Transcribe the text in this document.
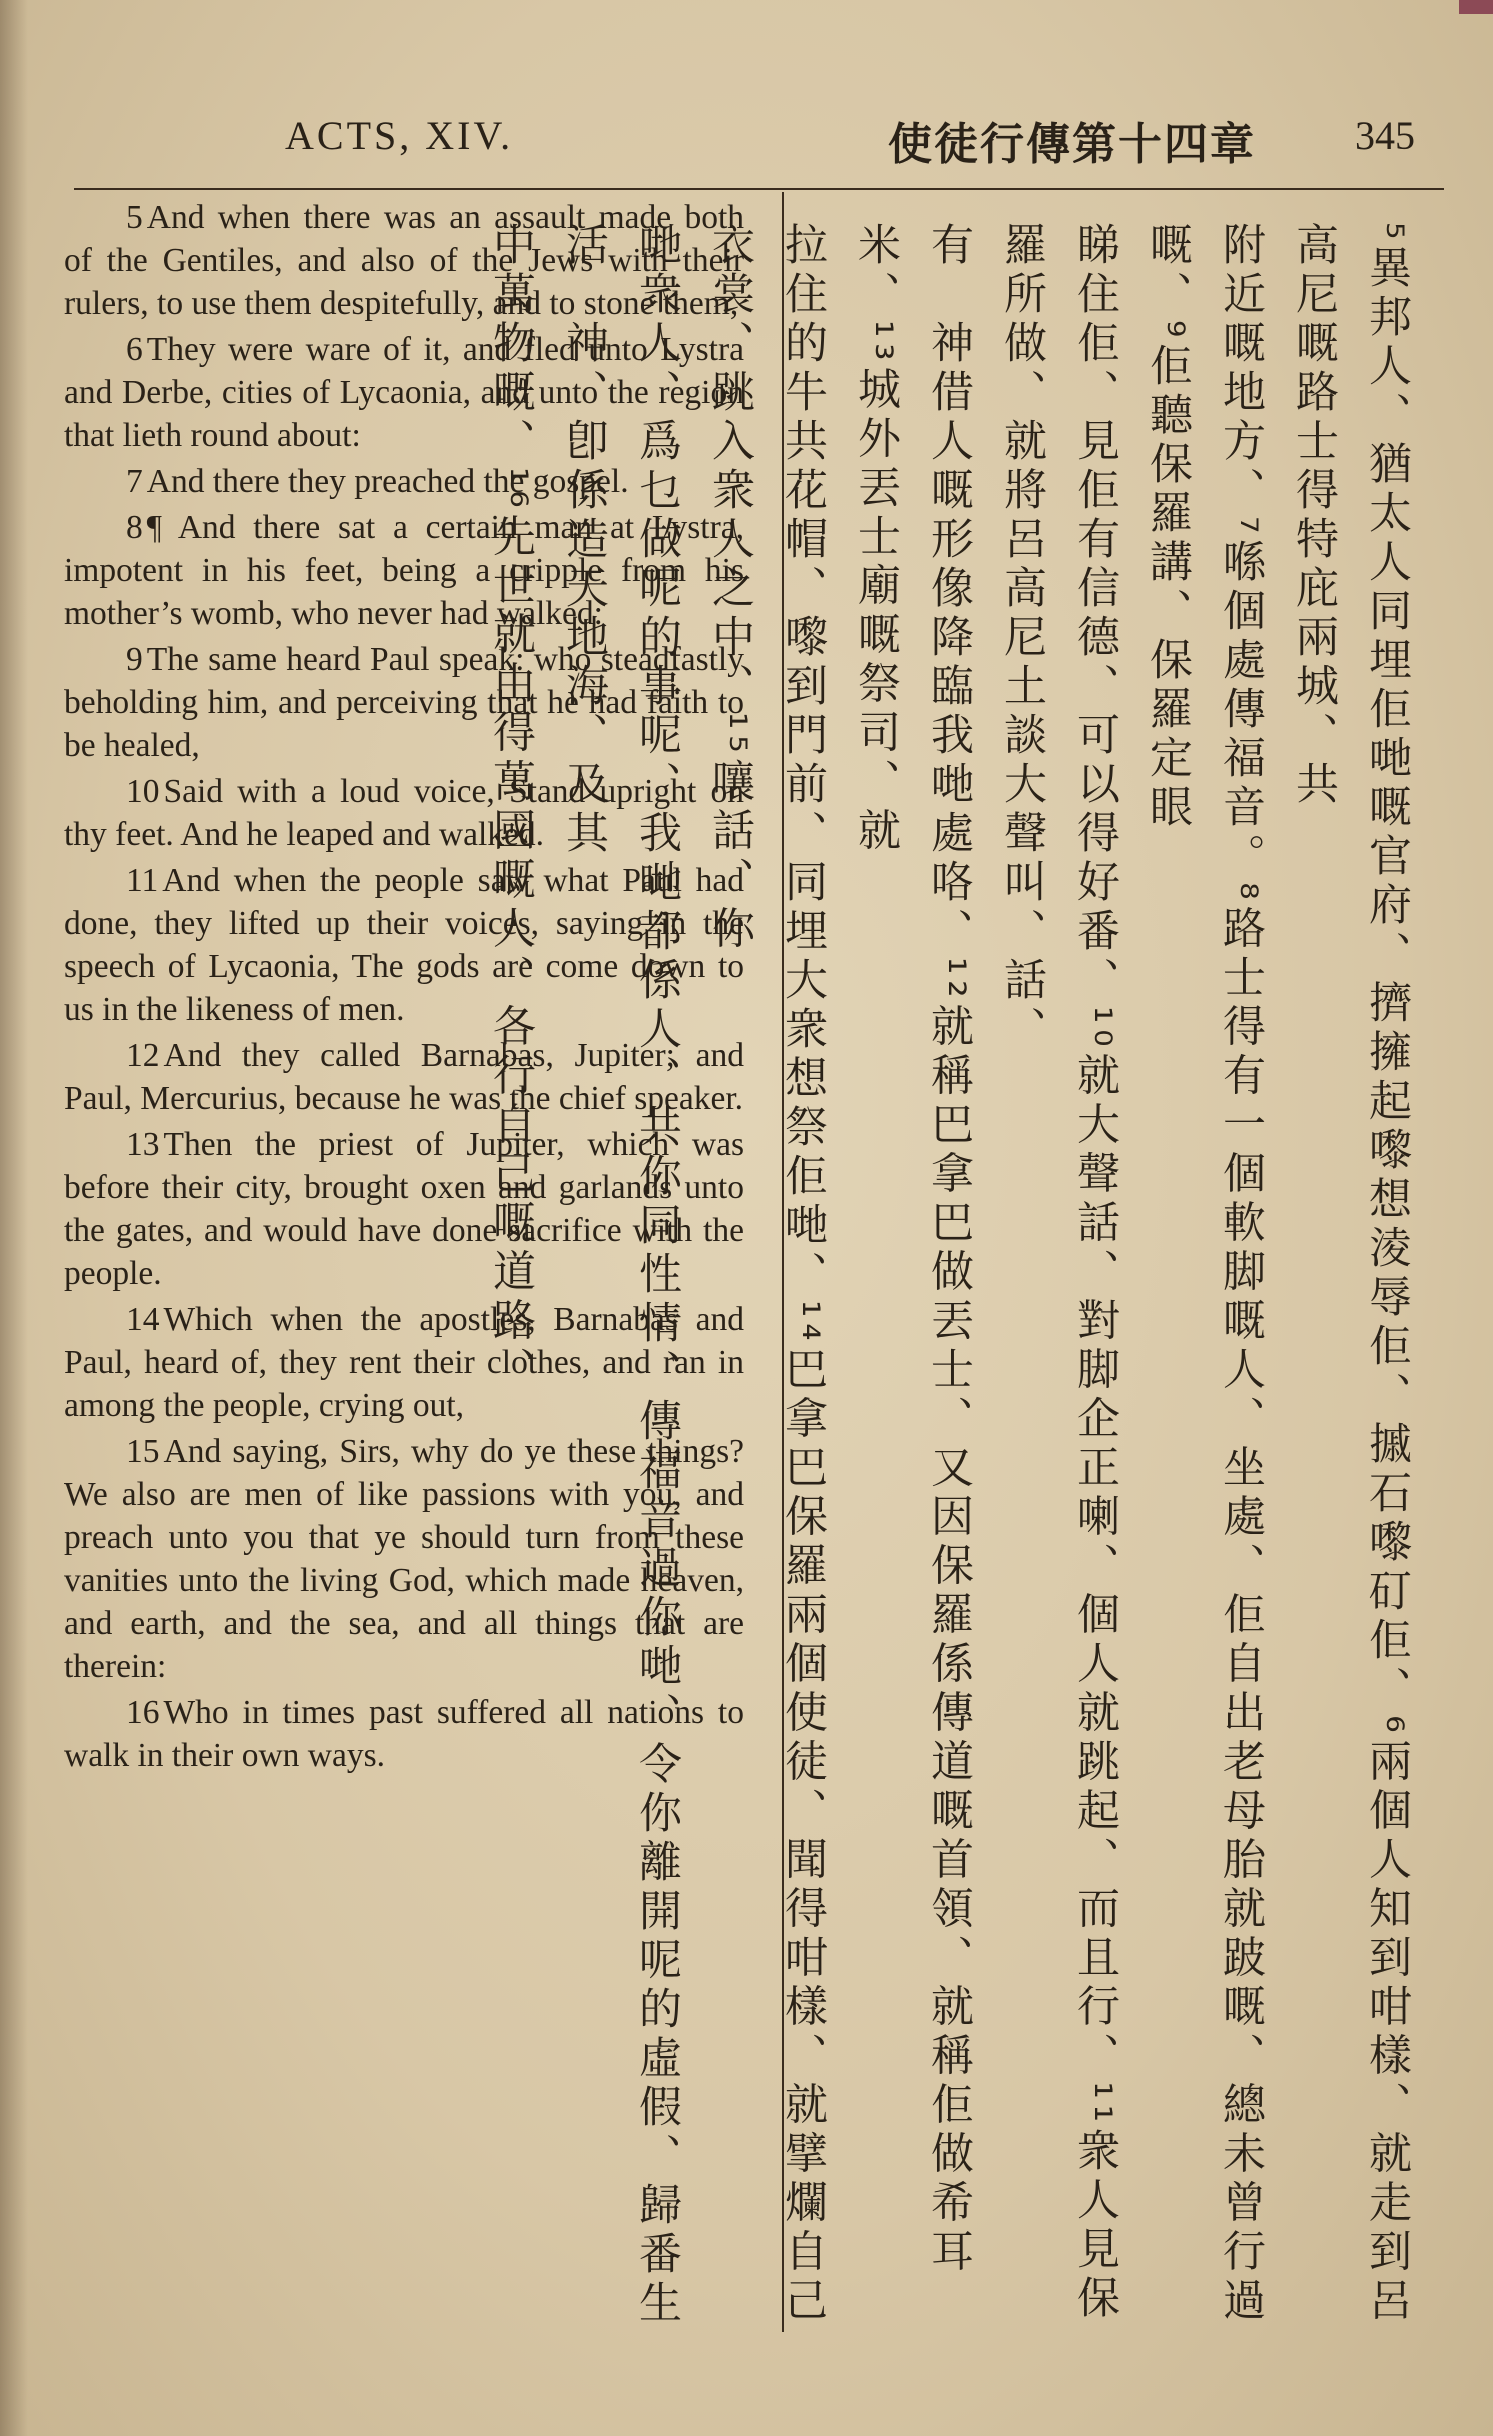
ACTS, XIV.	使徒行傳第十四章 345

5 And when there was an assault made both of the Gentiles, and also of the Jews with their rulers, to use them despitefully, and to stone them,

6 They were ware of it, and fled unto Lystra and Derbe, cities of Lycaonia, and unto the region that lieth round about:

7 And there they preached the gospel.

8 ¶ And there sat a certain man at Lystra, impotent in his feet, being a cripple from his mother’s womb, who never had walked:

9 The same heard Paul speak: who steadfastly beholding him, and perceiving that he had faith to be healed,

10 Said with a loud voice, Stand upright on thy feet. And he leaped and walked.

11 And when the people saw what Paul had done, they lifted up their voices, saying in the speech of Lycaonia, The gods are come down to us in the likeness of men.

12 And they called Barnabas, Jupiter; and Paul, Mercurius, because he was the chief speaker.

13 Then the priest of Jupiter, which was before their city, brought oxen and garlands unto the gates, and would have done sacrifice with the people.

14 Which when the apostles, Barnabas and Paul, heard of, they rent their clothes, and ran in among the people, crying out,

15 And saying, Sirs, why do ye these things? We also are men of like passions with you, and preach unto you that ye should turn from these vanities unto the living God, which made heaven, and earth, and the sea, and all things that are therein:

16 Who in times past suffered all nations to walk in their own ways.	⁵異邦人、猶太人同埋佢哋嘅官府、擠擁起嚟想淩辱佢、摵石嚟矴佢、⁶兩個人知到咁樣、就走到呂高尼嘅路士得特庇兩城、共
附近嘅地方、⁷喺個處傳福音。⁸路士得有一個軟脚嘅人、坐處、佢自出老母胎就跛嘅、總未曾行過嘅、⁹佢聽保羅講、保羅定眼
睇住佢、見佢有信德、可以得好番、¹⁰就大聲話、對脚企正喇、個人就跳起、而且行、¹¹衆人見保羅所做、就將呂高尼土談大聲叫、話、
有　神借人嘅形像降臨我哋處咯、¹²就稱巴拿巴做丟士、又因保羅係傳道嘅首領、就稱佢做希耳米、¹³城外丟士廟嘅祭司、就
拉住的牛共花帽、嚟到門前、同埋大衆想祭佢哋、¹⁴巴拿巴保羅兩個使徒、聞得咁樣、就擘爛自己衣裳、跳入衆人之中、¹⁵嚷話、你
哋衆人、爲乜做呢的事呢、我哋都係人、共你同性情、傳福音過你哋、令你離開呢的虛假、歸番生活　神、卽係造天地海、及其
中萬物嘅、¹⁶先世就由得萬國嘅人、各行自己嘅道路、
